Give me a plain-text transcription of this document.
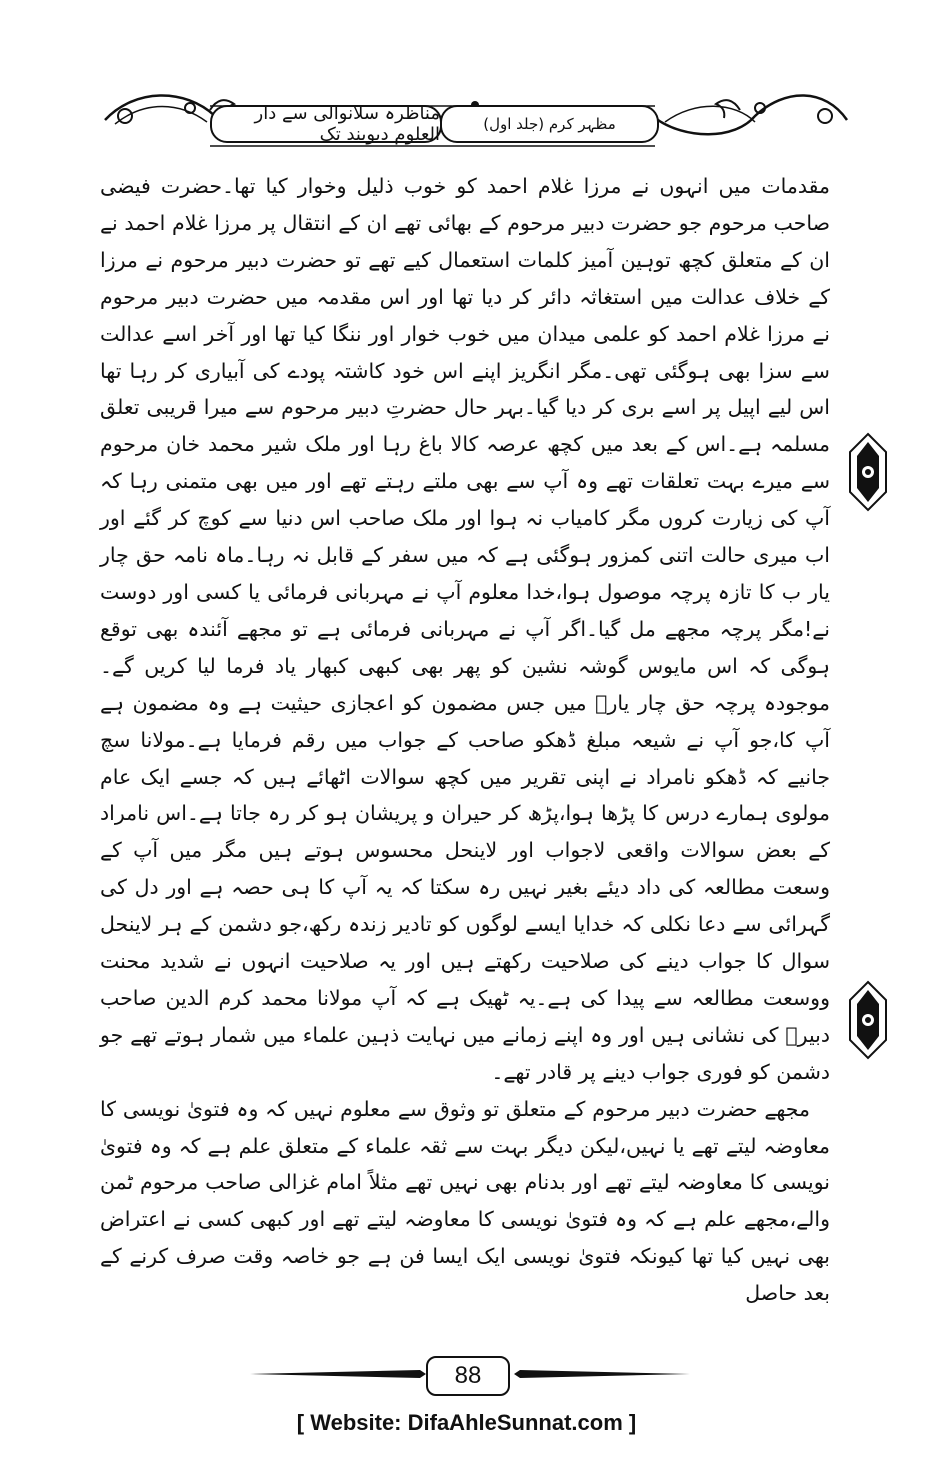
مناظرہ سلانوالی سے دار العلوم دیوبند تک	مظہر کرم (جلد اول)

مقدمات میں انہوں نے مرزا غلام احمد کو خوب ذلیل وخوار کیا تھا۔حضرت فیضی صاحب مرحوم جو حضرت دبیر مرحوم کے بھائی تھے ان کے انتقال پر مرزا غلام احمد نے ان کے متعلق کچھ توہین آمیز کلمات استعمال کیے تھے تو حضرت دبیر مرحوم نے مرزا کے خلاف عدالت میں استغاثہ دائر کر دیا تھا اور اس مقدمہ میں حضرت دبیر مرحوم نے مرزا غلام احمد کو علمی میدان میں خوب خوار اور ننگا کیا تھا اور آخر اسے عدالت سے سزا بھی ہوگئی تھی۔مگر انگریز اپنے اس خود کاشتہ پودے کی آبیاری کر رہا تھا اس لیے اپیل پر اسے بری کر دیا گیا۔بہر حال حضرتِ دبیر مرحوم سے میرا قریبی تعلق مسلمہ ہے۔اس کے بعد میں کچھ عرصہ کالا باغ رہا اور ملک شیر محمد خان مرحوم سے میرے بہت تعلقات تھے وہ آپ سے بھی ملتے رہتے تھے اور میں بھی متمنی رہا کہ آپ کی زیارت کروں مگر کامیاب نہ ہوا اور ملک صاحب اس دنیا سے کوچ کر گئے اور اب میری حالت اتنی کمزور ہوگئی ہے کہ میں سفر کے قابل نہ رہا۔ماہ نامہ حق چار یار ب کا تازہ پرچہ موصول ہوا،خدا معلوم آپ نے مہربانی فرمائی یا کسی اور دوست نے!مگر پرچہ مجھے مل گیا۔اگر آپ نے مہربانی فرمائی ہے تو مجھے آئندہ بھی توقع ہوگی کہ اس مایوس گوشہ نشین کو پھر بھی کبھی کبھار یاد فرما لیا کریں گے۔موجودہ پرچہ حق چار یارؓ میں جس مضمون کو اعجازی حیثیت ہے وہ مضمون ہے آپ کا،جو آپ نے شیعہ مبلغ ڈھکو صاحب کے جواب میں رقم فرمایا ہے۔مولانا سچ جانیے کہ ڈھکو نامراد نے اپنی تقریر میں کچھ سوالات اٹھائے ہیں کہ جسے ایک عام مولوی ہمارے درس کا پڑھا ہوا،پڑھ کر حیران و پریشان ہو کر رہ جاتا ہے۔اس نامراد کے بعض سوالات واقعی لاجواب اور لاینحل محسوس ہوتے ہیں مگر میں آپ کے وسعت مطالعہ کی داد دیئے بغیر نہیں رہ سکتا کہ یہ آپ کا ہی حصہ ہے اور دل کی گہرائی سے دعا نکلی کہ خدایا ایسے لوگوں کو تادیر زندہ رکھ،جو دشمن کے ہر لاینحل سوال کا جواب دینے کی صلاحیت رکھتے ہیں اور یہ صلاحیت انہوں نے شدید محنت ووسعت مطالعہ سے پیدا کی ہے۔یہ ٹھیک ہے کہ آپ مولانا محمد کرم الدین صاحب دبیرؒ کی نشانی ہیں اور وہ اپنے زمانے میں نہایت ذہین علماء میں شمار ہوتے تھے جو دشمن کو فوری جواب دینے پر قادر تھے۔

مجھے حضرت دبیر مرحوم کے متعلق تو وثوق سے معلوم نہیں کہ وہ فتویٰ نویسی کا معاوضہ لیتے تھے یا نہیں،لیکن دیگر بہت سے ثقہ علماء کے متعلق علم ہے کہ وہ فتویٰ نویسی کا معاوضہ لیتے تھے اور بدنام بھی نہیں تھے مثلاً امام غزالی صاحب مرحوم ٹمن والے،مجھے علم ہے کہ وہ فتویٰ نویسی کا معاوضہ لیتے تھے اور کبھی کسی نے اعتراض بھی نہیں کیا تھا کیونکہ فتویٰ نویسی ایک ایسا فن ہے جو خاصہ وقت صرف کرنے کے بعد حاصل

88
[ Website: DifaAhleSunnat.com ]
